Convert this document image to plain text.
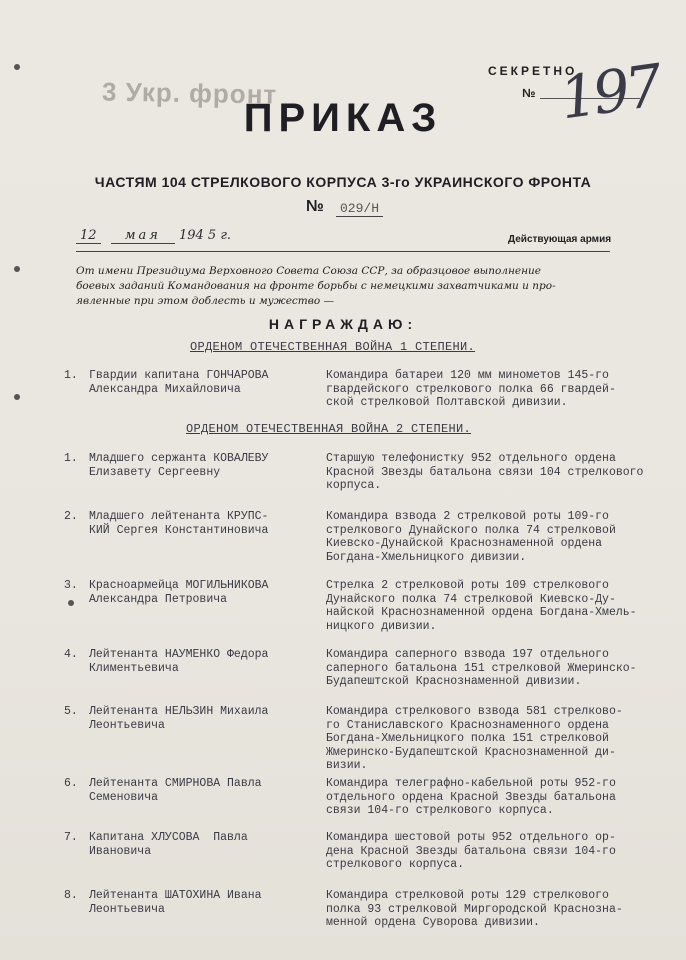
3 Укр. фронт
СЕКРЕТНО
№ 197
ПРИКАЗ
ЧАСТЯМ 104 СТРЕЛКОВОГО КОРПУСА 3-го УКРАИНСКОГО ФРОНТА
№	029/Н
12 мая 194 5 г.	Действующая армия
От имени Президиума Верховного Совета Союза ССР, за образцовое выполнение
боевых заданий Командования на фронте борьбы с немецкими захватчиками и про-
явленные при этом доблесть и мужество —
НАГРАЖДАЮ:
ОРДЕНОМ ОТЕЧЕСТВЕННАЯ ВОЙНА 1 СТЕПЕНИ.
1. Гвардии капитана ГОНЧАРОВА
Александра Михайловича
Командира батареи 120 мм минометов 145-го
гвардейского стрелкового полка 66 гвардей-
ской стрелковой Полтавской дивизии.
ОРДЕНОМ ОТЕЧЕСТВЕННАЯ ВОЙНА 2 СТЕПЕНИ.
1. Младшего сержанта КОВАЛЕВУ
Елизавету Сергеевну
Старшую телефонистку 952 отдельного ордена
Красной Звезды батальона связи 104 стрелкового
корпуса.
2. Младшего лейтенанта КРУПС-
КИЙ Сергея Константиновича
Командира взвода 2 стрелковой роты 109-го
стрелкового Дунайского полка 74 стрелковой
Киевско-Дунайской Краснознаменной ордена
Богдана-Хмельницкого дивизии.
3. Красноармейца МОГИЛЬНИКОВА
Александра Петровича
Стрелка 2 стрелковой роты 109 стрелкового
Дунайского полка 74 стрелковой Киевско-Ду-
найской Краснознаменной ордена Богдана-Хмель-
ницкого дивизии.
4. Лейтенанта НАУМЕНКО Федора
Климентьевича
Командира саперного взвода 197 отдельного
саперного батальона 151 стрелковой Жмеринско-
Будапештской Краснознаменной дивизии.
5. Лейтенанта НЕЛЬЗИН Михаила
Леонтьевича
Командира стрелкового взвода 581 стрелково-
го Станиславского Краснознаменного ордена
Богдана-Хмельницкого полка 151 стрелковой
Жмеринско-Будапештской Краснознаменной ди-
визии.
6. Лейтенанта СМИРНОВА Павла
Семеновича
Командира телеграфно-кабельной роты 952-го
отдельного ордена Красной Звезды батальона
связи 104-го стрелкового корпуса.
7. Капитана ХЛУСОВА  Павла
Ивановича
Командира шестовой роты 952 отдельного ор-
дена Красной Звезды батальона связи 104-го
стрелкового корпуса.
8. Лейтенанта ШАТОХИНА Ивана
Леонтьевича
Командира стрелковой роты 129 стрелкового
полка 93 стрелковой Миргородской Краснозна-
менной ордена Суворова дивизии.
